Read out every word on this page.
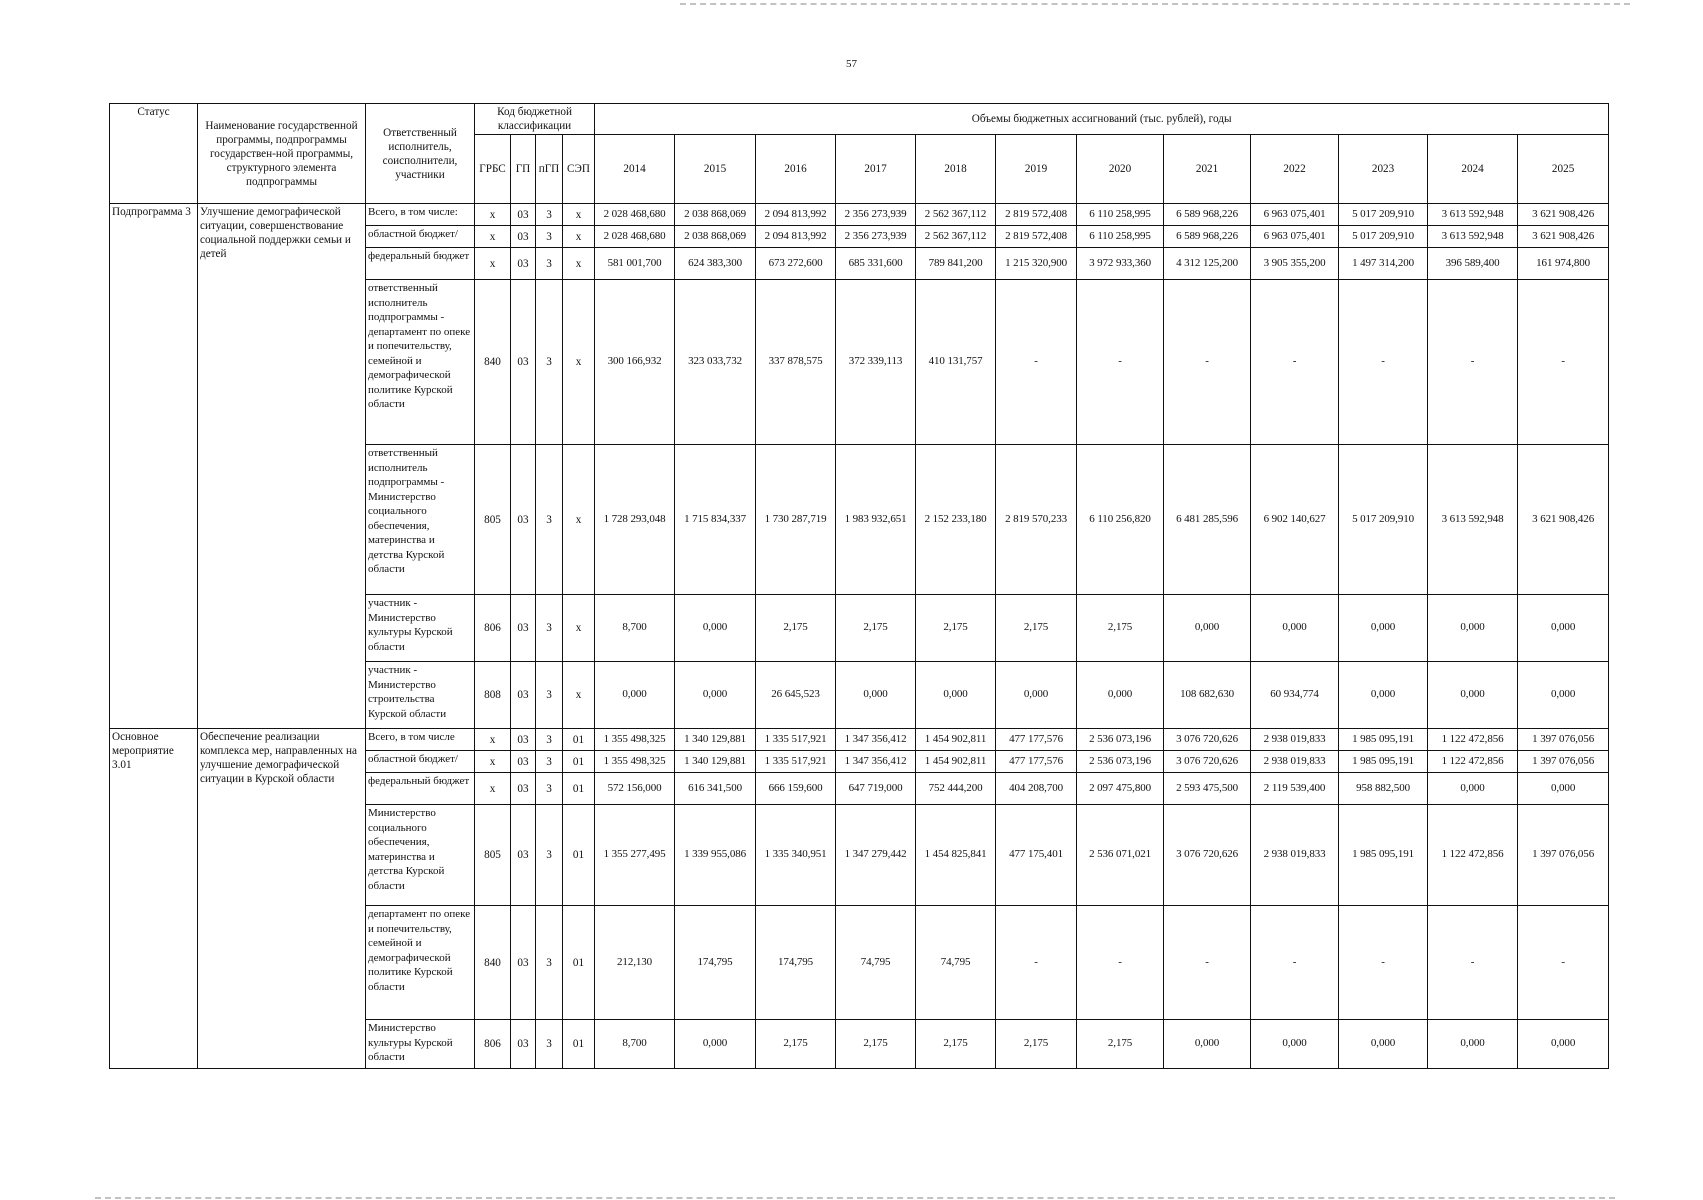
57
Статус	Наименование государственной программы, подпрограммы государствен-ной программы, структурного элемента подпрограммы	Ответственный исполнитель, соисполнители, участники	Код бюджетной классификации				Объемы бюджетных ассигнований (тыс. рублей), годы											
			ГРБС	ГП	пГП	СЭП	2014	2015	2016	2017	2018	2019	2020	2021	2022	2023	2024	2025
Подпрограмма 3	Улучшение демографической ситуации, совершенствование социальной поддержки семьи и детей	Всего, в том числе:	х	03	3	х	2 028 468,680	2 038 868,069	2 094 813,992	2 356 273,939	2 562 367,112	2 819 572,408	6 110 258,995	6 589 968,226	6 963 075,401	5 017 209,910	3 613 592,948	3 621 908,426
		областной бюджет/	х	03	3	х	2 028 468,680	2 038 868,069	2 094 813,992	2 356 273,939	2 562 367,112	2 819 572,408	6 110 258,995	6 589 968,226	6 963 075,401	5 017 209,910	3 613 592,948	3 621 908,426
		федеральный бюджет	х	03	3	х	581 001,700	624 383,300	673 272,600	685 331,600	789 841,200	1 215 320,900	3 972 933,360	4 312 125,200	3 905 355,200	1 497 314,200	396 589,400	161 974,800
		ответственный исполнитель подпрограммы - департамент по опеке и попечительству, семейной и демографической политике Курской области	840	03	3	х	300 166,932	323 033,732	337 878,575	372 339,113	410 131,757	-	-	-	-	-	-	-
		ответственный исполнитель подпрограммы - Министерство социального обеспечения, материнства и детства Курской области	805	03	3	х	1 728 293,048	1 715 834,337	1 730 287,719	1 983 932,651	2 152 233,180	2 819 570,233	6 110 256,820	6 481 285,596	6 902 140,627	5 017 209,910	3 613 592,948	3 621 908,426
		участник - Министерство культуры Курской области	806	03	3	х	8,700	0,000	2,175	2,175	2,175	2,175	2,175	0,000	0,000	0,000	0,000	0,000
		участник - Министерство строительства Курской области	808	03	3	х	0,000	0,000	26 645,523	0,000	0,000	0,000	0,000	108 682,630	60 934,774	0,000	0,000	0,000
Основное мероприятие 3.01	Обеспечение реализации комплекса мер, направленных на улучшение демографической ситуации в Курской области	Всего, в том числе	х	03	3	01	1 355 498,325	1 340 129,881	1 335 517,921	1 347 356,412	1 454 902,811	477 177,576	2 536 073,196	3 076 720,626	2 938 019,833	1 985 095,191	1 122 472,856	1 397 076,056
		областной бюджет/	х	03	3	01	1 355 498,325	1 340 129,881	1 335 517,921	1 347 356,412	1 454 902,811	477 177,576	2 536 073,196	3 076 720,626	2 938 019,833	1 985 095,191	1 122 472,856	1 397 076,056
		федеральный бюджет	х	03	3	01	572 156,000	616 341,500	666 159,600	647 719,000	752 444,200	404 208,700	2 097 475,800	2 593 475,500	2 119 539,400	958 882,500	0,000	0,000
		Министерство социального обеспечения, материнства и детства Курской области	805	03	3	01	1 355 277,495	1 339 955,086	1 335 340,951	1 347 279,442	1 454 825,841	477 175,401	2 536 071,021	3 076 720,626	2 938 019,833	1 985 095,191	1 122 472,856	1 397 076,056
		департамент по опеке и попечительству, семейной и демографической политике Курской области	840	03	3	01	212,130	174,795	174,795	74,795	74,795	-	-	-	-	-	-	-
		Министерство культуры Курской области	806	03	3	01	8,700	0,000	2,175	2,175	2,175	2,175	2,175	0,000	0,000	0,000	0,000	0,000
